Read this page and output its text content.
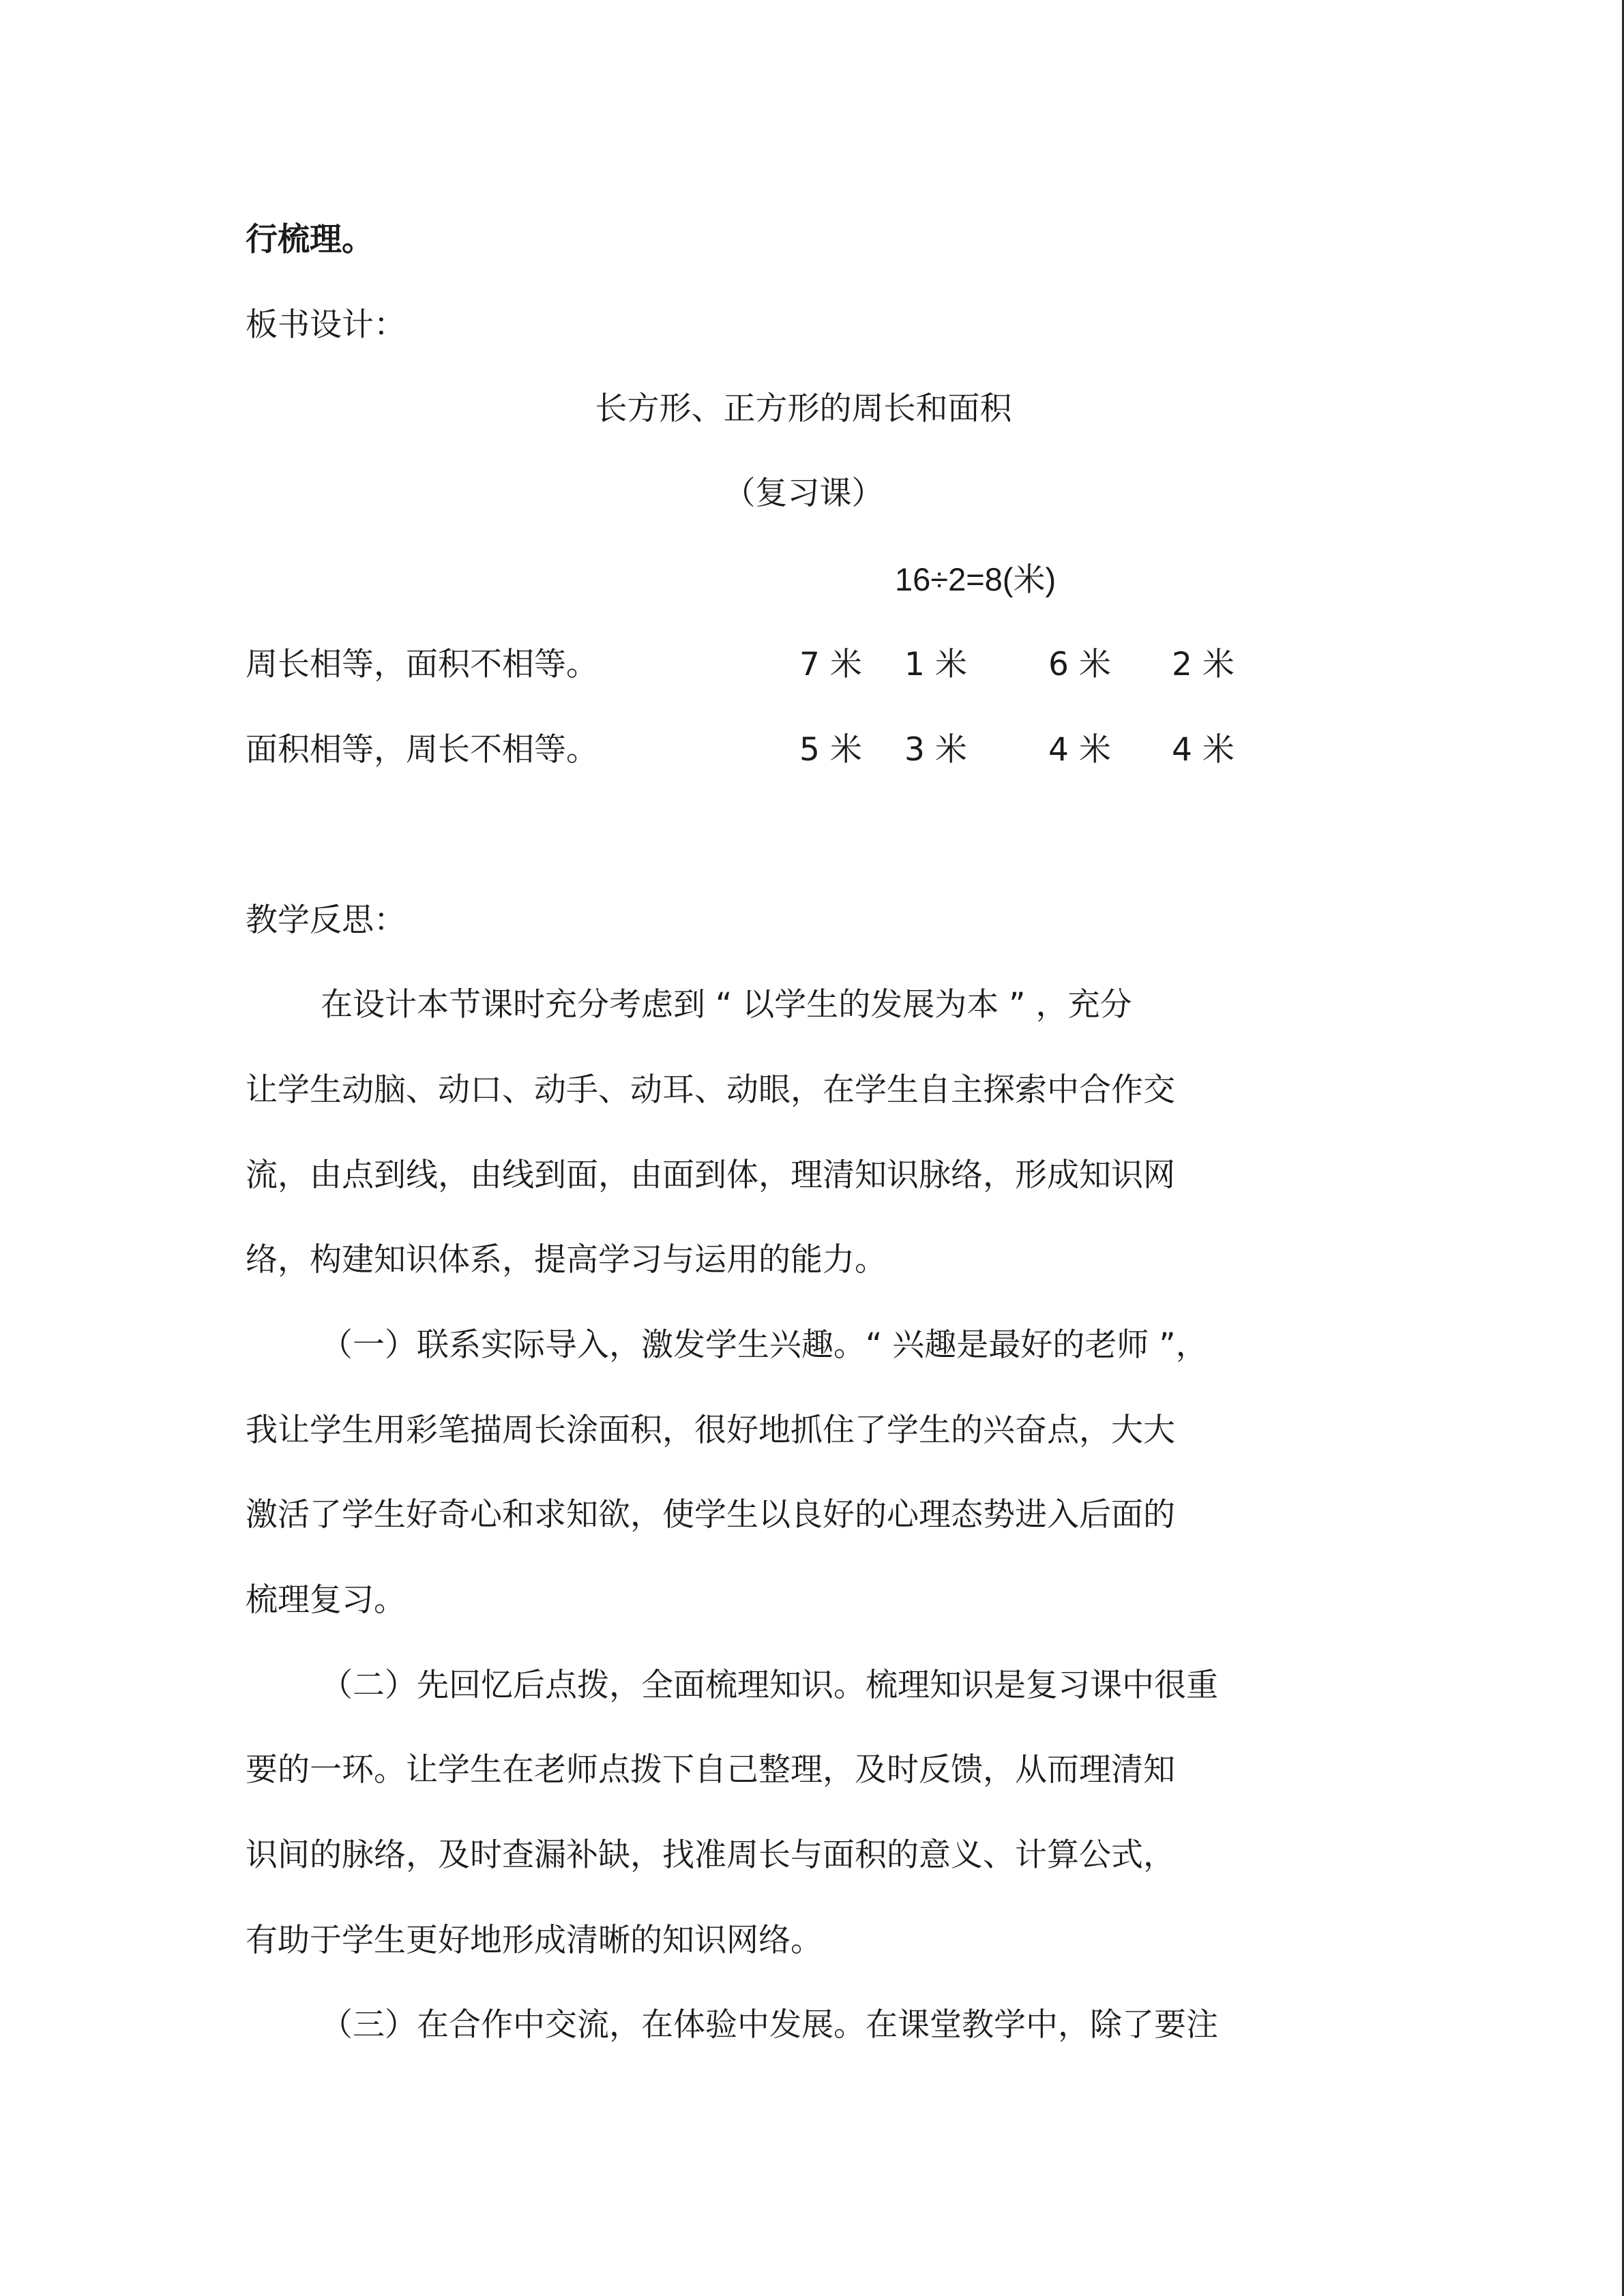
行梳理。
板书设计：
长方形、正方形的周长和面积
（复习课）
16÷2=8(米)
周长相等，面积不相等。	7 米 1 米	6 米 2 米
面积相等，周长不相等。	5 米 3 米	4 米 4 米
教学反思：
在设计本节课时充分考虑到 “ 以学生的发展为本 ” ，充分
让学生动脑、动口、动手、动耳、动眼，在学生自主探索中合作交
流，由点到线，由线到面，由面到体，理清知识脉络，形成知识网
络，构建知识体系，提高学习与运用的能力。
（一）联系实际导入，激发学生兴趣。“ 兴趣是最好的老师 ”，
我让学生用彩笔描周长涂面积，很好地抓住了学生的兴奋点，大大
激活了学生好奇心和求知欲，使学生以良好的心理态势进入后面的
梳理复习。
（二）先回忆后点拨，全面梳理知识。梳理知识是复习课中很重
要的一环。让学生在老师点拨下自己整理，及时反馈，从而理清知
识间的脉络，及时查漏补缺，找准周长与面积的意义、计算公式，
有助于学生更好地形成清晰的知识网络。
（三）在合作中交流，在体验中发展。在课堂教学中，除了要注
